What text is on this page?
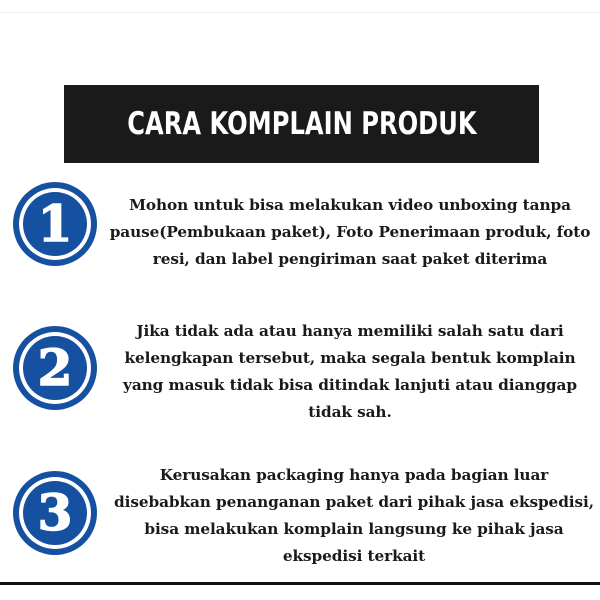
CARA KOMPLAIN PRODUK
1	Mohon untuk bisa melakukan video unboxing tanpa
pause(Pembukaan paket), Foto Penerimaan produk, foto
resi, dan label pengiriman saat paket diterima
2
Jika tidak ada atau hanya memiliki salah satu dari
kelengkapan tersebut, maka segala bentuk komplain
yang masuk tidak bisa ditindak lanjuti atau dianggap
tidak sah.
3
Kerusakan packaging hanya pada bagian luar
disebabkan penanganan paket dari pihak jasa ekspedisi,
bisa melakukan komplain langsung ke pihak jasa
ekspedisi terkait
